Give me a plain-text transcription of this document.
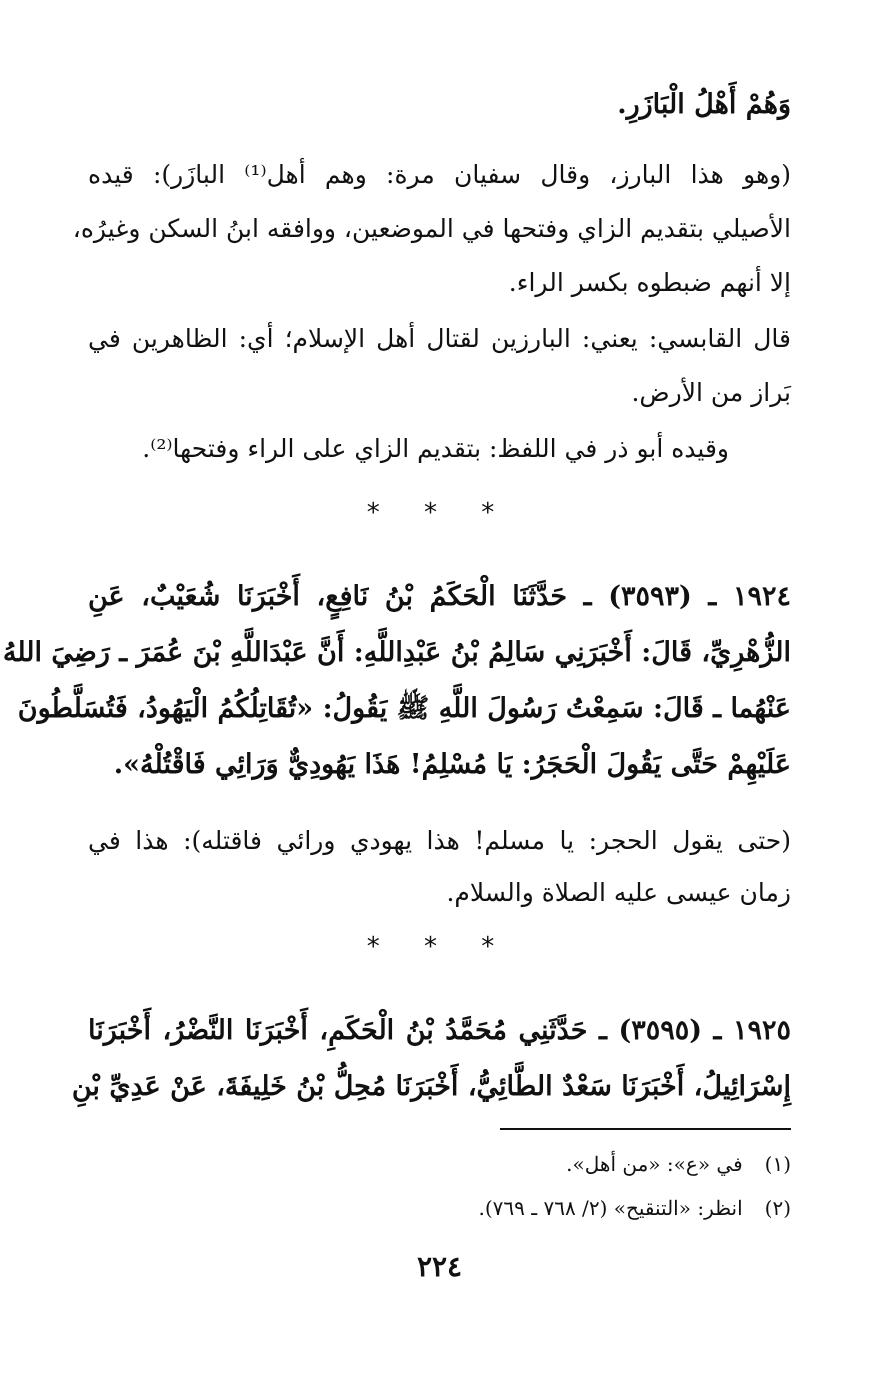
وَهُمْ أَهْلُ الْبَازَرِ.
(وهو هذا البارز، وقال سفيان مرة: وهم أهل⁽¹⁾ البازَر): قيده
الأصيلي بتقديم الزاي وفتحها في الموضعين، ووافقه ابنُ السكن وغيرُه،
إلا أنهم ضبطوه بكسر الراء.
قال القابسي: يعني: البارزين لقتال أهل الإسلام؛ أي: الظاهرين في
بَراز من الأرض.
وقيده أبو ذر في اللفظ: بتقديم الزاي على الراء وفتحها⁽²⁾.
* * *
١٩٢٤ ـ (٣٥٩٣) ـ حَدَّثَنَا الْحَكَمُ بْنُ نَافِعٍ، أَخْبَرَنَا شُعَيْبٌ، عَنِ
الزُّهْرِيِّ، قَالَ: أَخْبَرَنِي سَالِمُ بْنُ عَبْدِاللَّهِ: أَنَّ عَبْدَاللَّهِ بْنَ عُمَرَ ـ رَضِيَ اللهُ
عَنْهُما ـ قَالَ: سَمِعْتُ رَسُولَ اللَّهِ ﷺ يَقُولُ: «تُقَاتِلُكُمُ الْيَهُودُ، فَتُسَلَّطُونَ
عَلَيْهِمْ حَتَّى يَقُولَ الْحَجَرُ: يَا مُسْلِمُ! هَذَا يَهُودِيٌّ وَرَائِي فَاقْتُلْهُ».
(حتى يقول الحجر: يا مسلم! هذا يهودي ورائي فاقتله): هذا في
زمان عيسى عليه الصلاة والسلام.
* * *
١٩٢٥ ـ (٣٥٩٥) ـ حَدَّثَنِي مُحَمَّدُ بْنُ الْحَكَمِ، أَخْبَرَنَا النَّضْرُ، أَخْبَرَنَا
إِسْرَائِيلُ، أَخْبَرَنَا سَعْدٌ الطَّائِيُّ، أَخْبَرَنَا مُحِلُّ بْنُ خَلِيفَةَ، عَنْ عَدِيِّ بْنِ
(١) في «ع»: «من أهل».
(٢) انظر: «التنقيح» (٢/ ٧٦٨ ـ ٧٦٩).
٢٢٤
